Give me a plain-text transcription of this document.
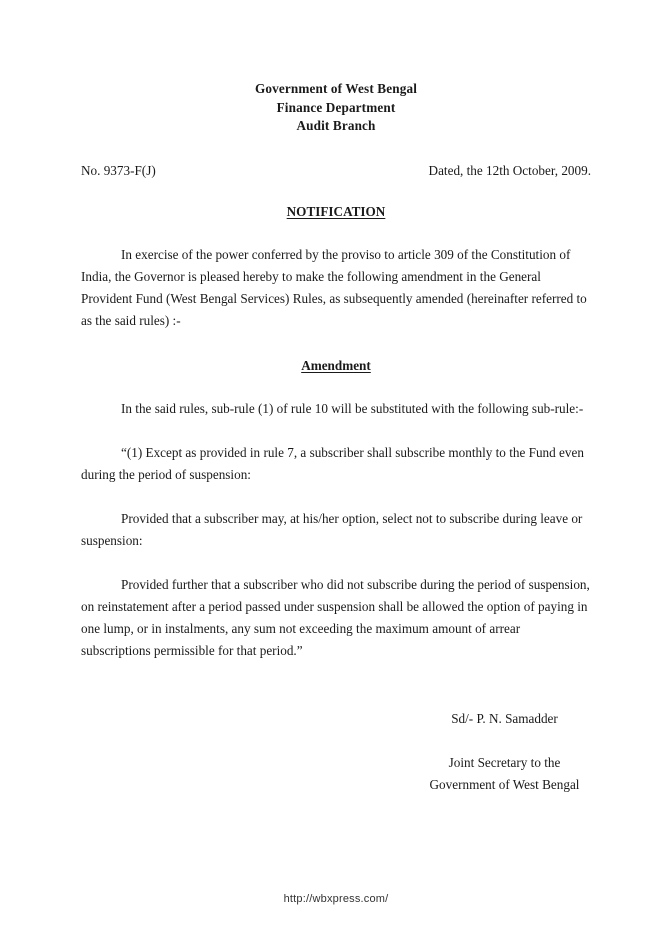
Government of West Bengal
Finance Department
Audit Branch
No. 9373-F(J)	Dated, the 12th October, 2009.
NOTIFICATION

In exercise of the power conferred by the proviso to article 309 of the Constitution of India, the Governor is pleased hereby to make the following amendment in the General Provident Fund (West Bengal Services) Rules, as subsequently amended (hereinafter referred to as the said rules) :-

Amendment

In the said rules, sub-rule (1) of rule 10 will be substituted with the following sub-rule:-

“(1) Except as provided in rule 7, a subscriber shall subscribe monthly to the Fund even during the period of suspension:

Provided that a subscriber may, at his/her option, select not to subscribe during leave or suspension:

Provided further that a subscriber who did not subscribe during the period of suspension, on reinstatement after a period passed under suspension shall be allowed the option of paying in one lump, or in instalments, any sum not exceeding the maximum amount of arrear subscriptions permissible for that period.”

Sd/- P. N. Samadder
Joint Secretary to the
Government of West Bengal
http://wbxpress.com/
